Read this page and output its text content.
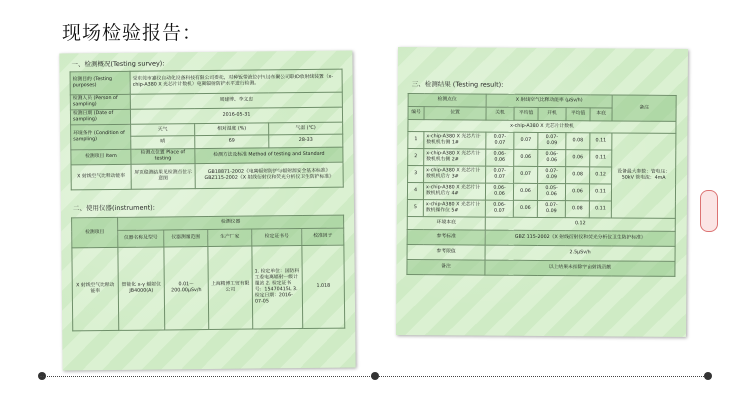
现场检验报告：
一、检测概况(Testing survey):
检测目的 (Testing purposes)	受东莞市嘉仪自动化设备科技有限公司委托，对种钣带液位(中山)东聚公司联ID放射线装置（x-chip-A380 X 光芯片计数机）电离辐射防护水平进行检测。		
检测人员 (Person of sampling)	周建博、李文忠		
检测日期 (Date of sampling)	2016-05-31		
环境条件 (Condition of sampling)	天气	相对湿度 (%)	气温 (℃)
	晴	69	28-33
检测项目 Item	检测点位置 Place of testing	检测方法及标准 Method of testing and Standard	
X 射线空气比释动能率	屏页稳测结果见检测点位示意图	GB18871-2002《电离辐射防护与辐射源安全基本标准》 GBZ115-2002《X 射线衍射仪和荧光分析仪卫生防护标准》	
二、使用仪器(instrument):
检测项目	检测仪器				
	仪器名称及型号	仪器测量范围	生产厂家	检定证书号	校准因子
X 射线空气比释动能率	智能化 x-γ 辐射仪 JB4000(A)	0.01～200.00μSv/h	上海精博工贸有限公司	1. 检定单位：国防科工委电离辐射一级计量站 2. 检定证书号：15470415L 3. 检定日期：2016-07-05	1.018
三、检测结果 (Testing result):
检测点位		X 射线空气比释动能率 (μSv/h)					备注
编号	位置	关机	平均值	开机	平均值	本底	
x-chip-A380 X 光芯片计数机							
1	x-chip-A380 X 光芯片计数机机右侧 1#	0.07-0.07	0.07	0.07-0.09	0.08	0.11	设备最大参数：管电压：50kV 管电流：4mA
2	x-chip-A380 X 光芯片计数机机右侧 2#	0.06-0.06	0.06	0.06-0.06	0.06	0.11	
3	x-chip-A380 X 光芯片计数机机后方 3#	0.07-0.07	0.07	0.07-0.09	0.08	0.12	
4	x-chip-A380 X 光芯片计数机机后方 4#	0.06-0.06	0.06	0.05-0.06	0.06	0.11	
5	x-chip-A380 X 光芯片计数机操作位 5#	0.06-0.07	0.06	0.07-0.09	0.08	0.11	
环境本底		0.12					
参考标准		GBZ 115-2002《X 射线衍射仪和荧光分析仪卫生防护标准》					
参考限值		2.5μSv/h					
备注		以上结果未扣除字亩射线贡献					
